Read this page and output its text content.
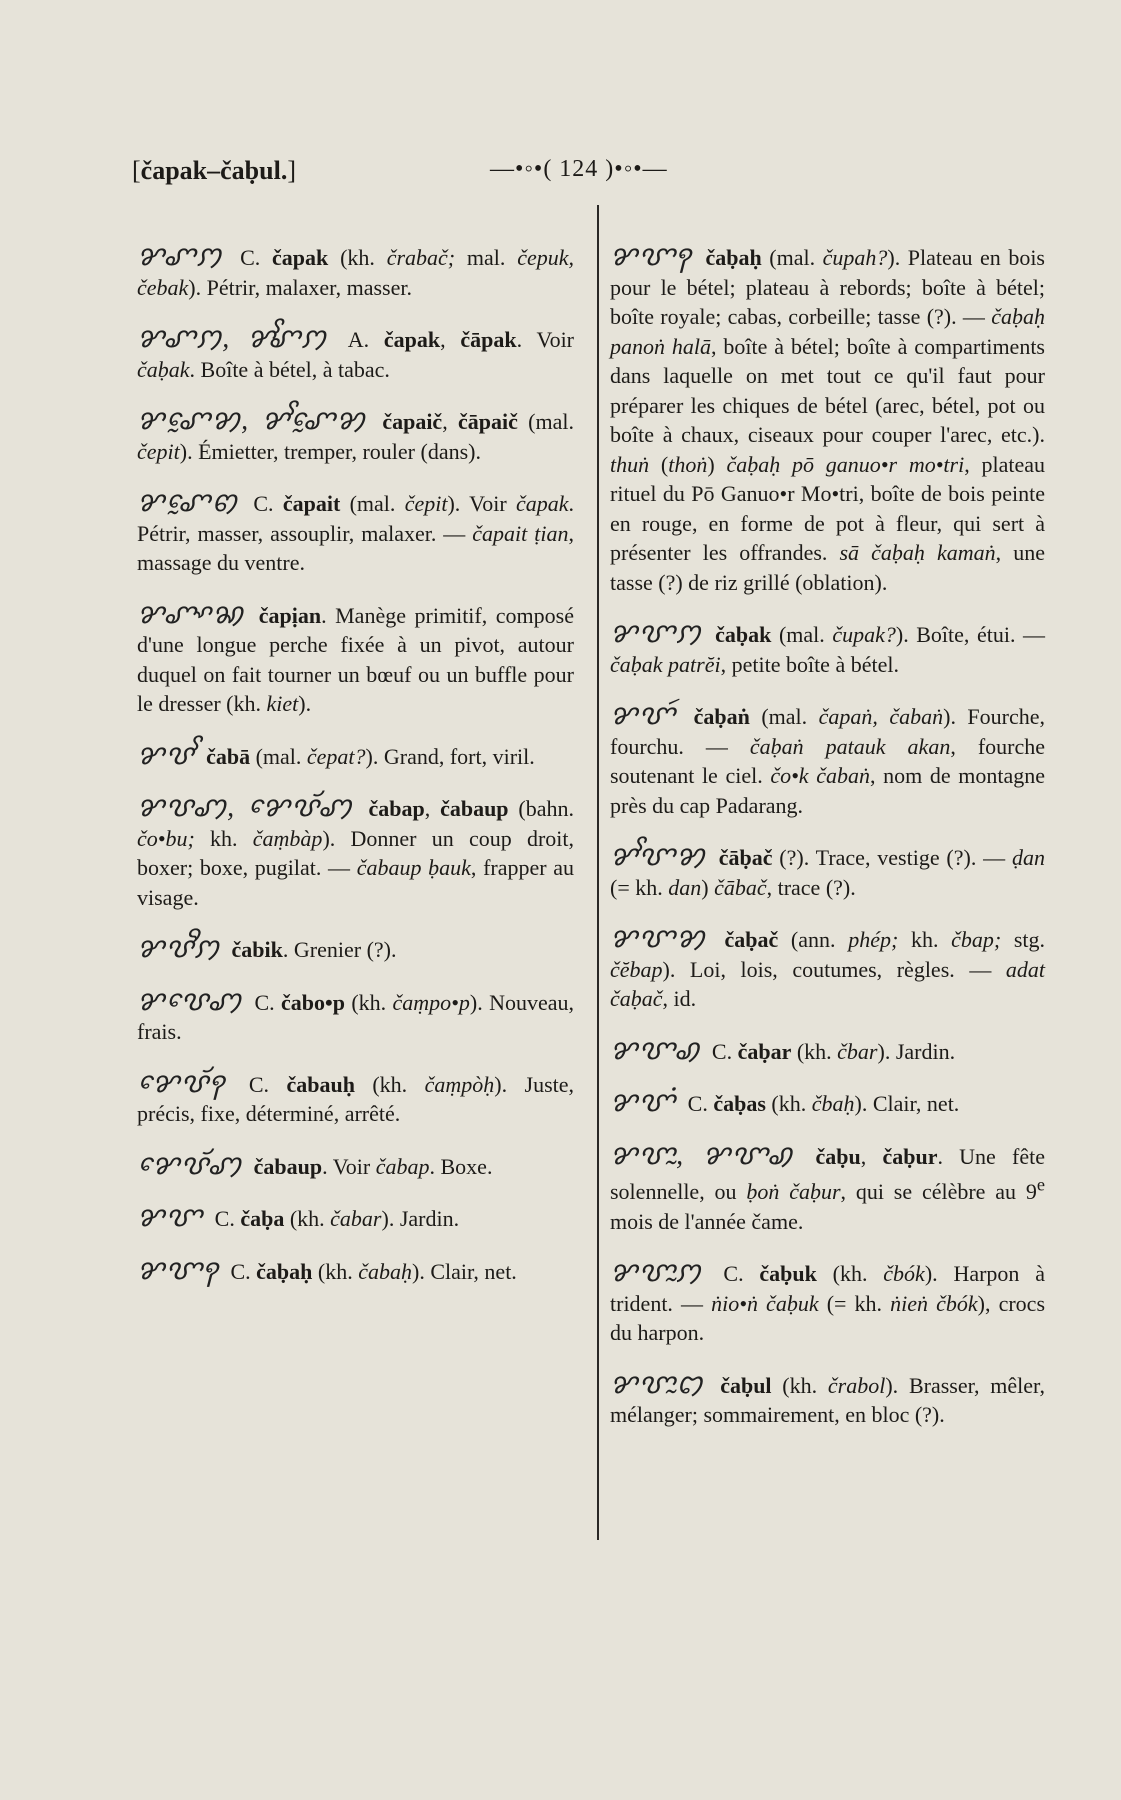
[čapak–čaḅul.]	—•◦•( 124 )•◦•—

ꨌꨚꩀ C. čapak (kh. črabač; mal. čepuk, čebak). Pétrir, malaxer, masser.

ꨌꨚꩀ, ꨌꨩꨚꩀ A. čapak, čāpak. Voir čaḅak. Boîte à bétel, à tabac.

ꨌꨚꨰꩄ, ꨌꨩꨚꨰꩄ čapaič, čāpaič (mal. čepit). Émietter, tremper, rouler (dans).

ꨌꨚꨰꩅ C. čapait (mal. čepit). Voir čapak. Pétrir, masser, assouplir, malaxer. — čapait ṭian, massage du ventre.

ꨌꨚꨳꩆ čapịan. Manège primitif, composé d'une longue perche fixée à un pivot, autour duquel on fait tourner un bœuf ou un buffle pour le dresser (kh. kiet).

ꨌꨝꨩ čabā (mal. čepat?). Grand, fort, viril.

ꨌꨝꩇ, ꨌꨯꨝꨮꩇ čabap, čabaup (bahn. čo•bu; kh. čaṃbàp). Donner un coup droit, boxer; boxe, pugilat. — čabaup ḅauk, frapper au visage.

ꨌꨝꨪꩀ čabik. Grenier (?).

ꨌꨝꨯꩇ C. čabo•p (kh. čaṃpo•p). Nouveau, frais.

ꨌꨯꨝꨮꩍ C. čabauḥ (kh. čaṃpòḥ). Juste, précis, fixe, déterminé, arrêté.

ꨌꨯꨝꨮꩇ čabaup. Voir čabap. Boxe.

ꨌꨞ C. čaḅa (kh. čabar). Jardin.

ꨌꨞꩍ C. čaḅaḥ (kh. čabaḥ). Clair, net.

ꨌꨞꩍ čaḅaḥ (mal. čupah?). Plateau en bois pour le bétel; plateau à rebords; boîte à bétel; boîte royale; cabas, corbeille; tasse (?). — čaḅaḥ panoṅ halā, boîte à bétel; boîte à compartiments dans laquelle on met tout ce qu'il faut pour préparer les chiques de bétel (arec, bétel, pot ou boîte à chaux, ciseaux pour couper l'arec, etc.). thuṅ (thoṅ) čaḅaḥ pō ganuo•r mo•tri, plateau rituel du Pō Ganuo•r Mo•tri, boîte de bois peinte en rouge, en forme de pot à fleur, qui sert à présenter les offrandes. sā čaḅaḥ kamaṅ, une tasse (?) de riz grillé (oblation).

ꨌꨞꩀ čaḅak (mal. čupak?). Boîte, étui. — čaḅak patrĕi, petite boîte à bétel.

ꨌꨞꩃ čaḅaṅ (mal. čapaṅ, čabaṅ). Fourche, fourchu. — čaḅaṅ patauk akan, fourche soutenant le ciel. čo•k čabaṅ, nom de montagne près du cap Padarang.

ꨌꨩꨞꩄ čāḅač (?). Trace, vestige (?). — ḍan (= kh. dan) čābač, trace (?).

ꨌꨞꩄ čaḅač (ann. phép; kh. čbap; stg. čĕbap). Loi, lois, coutumes, règles. — adat čaḅač, id.

ꨌꨞꩉ C. čaḅar (kh. čbar). Jardin.

ꨌꨞꩌ C. čaḅas (kh. čbaḥ). Clair, net.

ꨌꨞꨭ, ꨌꨞꩉ čaḅu, čaḅur. Une fête solennelle, ou ḅoṅ čaḅur, qui se célèbre au 9e mois de l'année čame.

ꨌꨞꨭꩀ C. čaḅuk (kh. čbók). Harpon à trident. — ṅio•ṅ čaḅuk (= kh. ṅieṅ čbók), crocs du harpon.

ꨌꨞꨭꩊ čaḅul (kh. črabol). Brasser, mêler, mélanger; sommairement, en bloc (?).
